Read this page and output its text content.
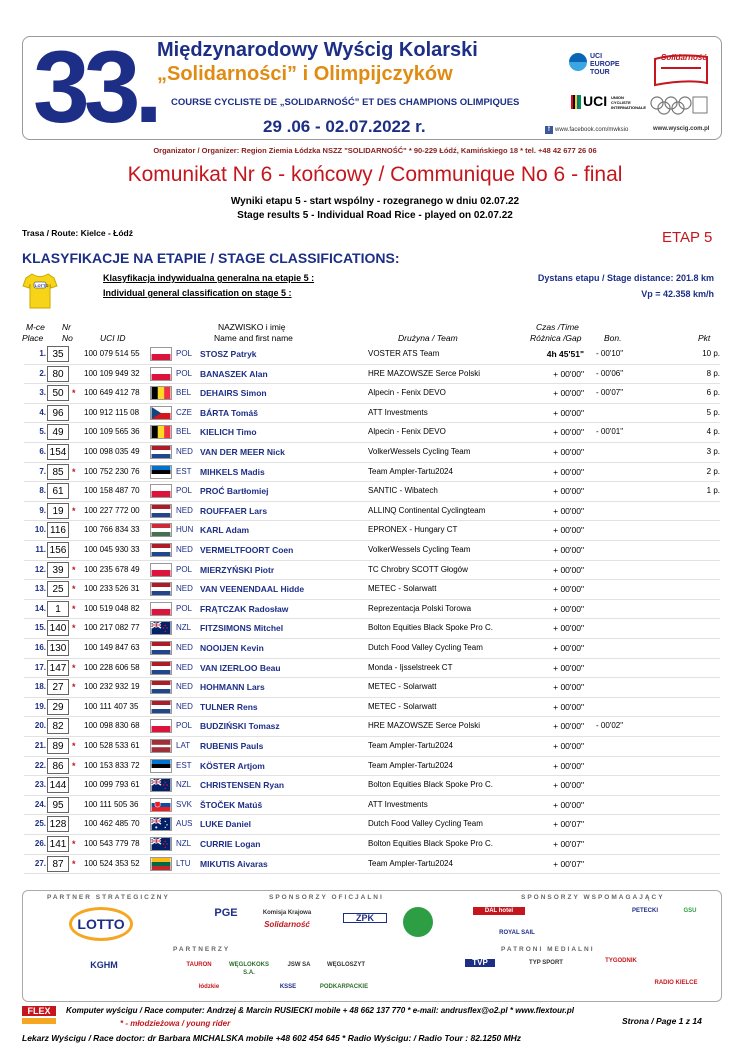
33. Międzynarodowy Wyścig Kolarski
„Solidarności” i Olimpijczyków
COURSE CYCLISTE DE „SOLIDARNOŚĆ” ET DES CHAMPIONS OLIMPIQUES
29 .06 - 02.07.2022 r.
UCI EUROPE TOUR
UCI UNION CYCLISTE INTERNATIONALE
Solidarność
f www.facebook.com/mwksio	www.wyscig.com.pl
Organizator / Organizer: Region Ziemia Łódzka NSZZ "SOLIDARNOŚĆ" * 90-229 Łódź, Kamińskiego 18 * tel. +48 42 677 26 06
Komunikat Nr 6 - końcowy / Communique No 6 - final
Wyniki etapu 5 - start wspólny - rozegranego w dniu 02.07.22
Stage results 5 - Individual Road Rice - played on 02.07.22
Trasa / Route: Kielce - Łódź	ETAP 5
KLASYFIKACJE NA ETAPIE / STAGE CLASSIFICATIONS:
LOTTO
Klasyfikacja indywidualna generalna na etapie 5 :
Individual general classification on stage 5 :
Dystans etapu / Stage distance: 201.8 km
Vp = 42.358 km/h
M-ce
Place
Nr
No	UCI ID
NAZWISKO i imię
Name and first name	Drużyna / Team
Czas /Time
Różnica /Gap	Bon.	Pkt
1. 35	100 079 514 55	POL STOSZ Patryk	VOSTER ATS Team	4h 45'51" - 00'10"	10 p.
2. 80	100 109 949 32	POL BANASZEK Alan	HRE MAZOWSZE Serce Polski	+ 00'00" - 00'06"	8 p.
3. 50 * 100 649 412 78	BEL DEHAIRS Simon	Alpecin - Fenix DEVO	+ 00'00" - 00'07"	6 p.
4. 96	100 912 115 08	CZE BÁRTA Tomáš	ATT Investments	+ 00'00"	5 p.
5. 49	100 109 565 36	BEL KIELICH Timo	Alpecin - Fenix DEVO	+ 00'00" - 00'01"	4 p.
6. 154	100 098 035 49	NED VAN DER MEER Nick	VolkerWessels Cycling Team	+ 00'00"	3 p.
7. 85 * 100 752 230 76	EST MIHKELS Madis	Team Ampler-Tartu2024	+ 00'00"	2 p.
8. 61	100 158 487 70	POL PROĆ Bartłomiej	SANTIC - Wibatech	+ 00'00"	1 p.
9. 19 * 100 227 772 00	NED ROUFFAER Lars	ALLINQ Continental Cyclingteam	+ 00'00"
10. 116	100 766 834 33	HUN KARL Adam	EPRONEX - Hungary CT	+ 00'00"
11. 156	100 045 930 33	NED VERMELTFOORT Coen	VolkerWessels Cycling Team	+ 00'00"
12. 39 * 100 235 678 49	POL MIERZYŃSKI Piotr	TC Chrobry SCOTT Głogów	+ 00'00"
13. 25 * 100 233 526 31	NED VAN VEENENDAAL Hidde	METEC - Solarwatt	+ 00'00"
14. 1	* 100 519 048 82	POL FRĄTCZAK Radosław	Reprezentacja Polski Torowa	+ 00'00"
15. 140 * 100 217 082 77	NZL FITZSIMONS Mitchel	Bolton Equities Black Spoke Pro C.	+ 00'00"
16. 130	100 149 847 63	NED NOOIJEN Kevin	Dutch Food Valley Cycling Team	+ 00'00"
17. 147 * 100 228 606 58	NED VAN IZERLOO Beau	Monda - Ijsselstreek CT	+ 00'00"
18. 27 * 100 232 932 19	NED HOHMANN Lars	METEC - Solarwatt	+ 00'00"
19. 29	100 111 407 35	NED TULNER Rens	METEC - Solarwatt	+ 00'00"
20. 82	100 098 830 68	POL BUDZIŃSKI Tomasz	HRE MAZOWSZE Serce Polski	+ 00'00" - 00'02"
21. 89 * 100 528 533 61	LAT RUBENIS Pauls	Team Ampler-Tartu2024	+ 00'00"
22. 86 * 100 153 833 72	EST KÖSTER Artjom	Team Ampler-Tartu2024	+ 00'00"
23. 144	100 099 793 61	NZL CHRISTENSEN Ryan	Bolton Equities Black Spoke Pro C.	+ 00'00"
24. 95	100 111 505 36	SVK ŠTOČEK Matúš	ATT Investments	+ 00'00"
25. 128	100 462 485 70	AUS LUKE Daniel	Dutch Food Valley Cycling Team	+ 00'07"
26. 141 * 100 543 779 78	NZL CURRIE Logan	Bolton Equities Black Spoke Pro C.	+ 00'07"
27. 87 * 100 524 353 52	LTU MIKUTIS Aivaras	Team Ampler-Tartu2024	+ 00'07"
PARTNER STRATEGICZNY	SPONSORZY OFICJALNI	SPONSORZY WSPOMAGAJĄCY
PARTNERZY	PATRONI MEDIALNI
LOTTO
PGE	Komisja Krajowa
Solidarność
ZPK
DAL hotel	PETECKI	GSU
ROYAL SAIL
KGHM	TAURON	WĘGLOKOKS S.A.
JSW SA	WĘGLOSZYT
łódzkie	KSSE	PODKARPACKIE
TVP	TYP SPORT	TYGODNIK
RADIO KIELCE
FLEX	Komputer wyścigu / Race computer: Andrzej & Marcin RUSIECKI mobile + 48 662 137 770 * e-mail: andrusflex@o2.pl * www.flextour.pl
* - młodzieżowa / young rider	Strona / Page 1 z 14
Lekarz Wyścigu / Race doctor: dr Barbara MICHALSKA mobile +48 602 454 645 * Radio Wyścigu: / Radio Tour : 82.1250 MHz
